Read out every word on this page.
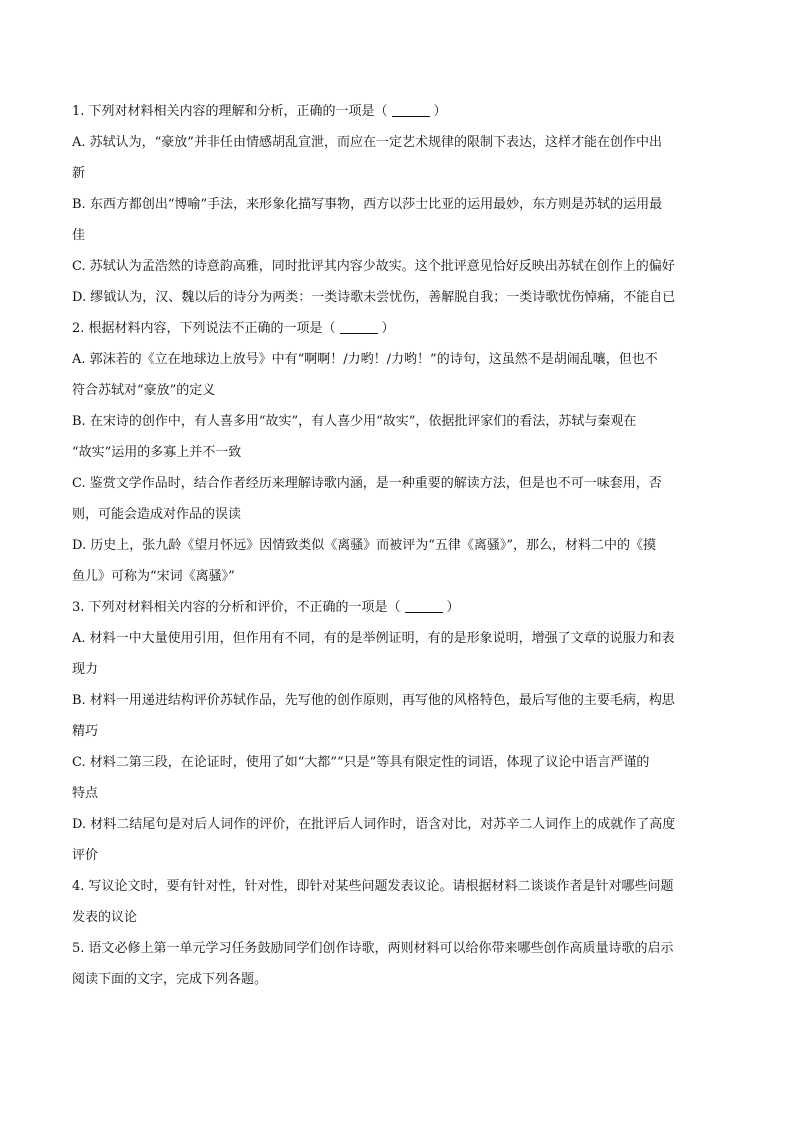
1. 下列对材料相关内容的理解和分析，正确的一项是（	）
A. 苏轼认为，“豪放”并非任由情感胡乱宣泄，而应在一定艺术规律的限制下表达，这样才能在创作中出
新
B. 东西方都创出“博喻”手法，来形象化描写事物，西方以莎士比亚的运用最妙，东方则是苏轼的运用最
佳
C. 苏轼认为孟浩然的诗意韵高雅，同时批评其内容少故实。这个批评意见恰好反映出苏轼在创作上的偏好
D. 缪钺认为，汉、魏以后的诗分为两类：一类诗歌未尝忧伤，善解脱自我；一类诗歌忧伤悼痛，不能自已
2. 根据材料内容，下列说法不正确的一项是（	）
A. 郭沫若的《立在地球边上放号》中有“啊啊！/力哟！/力哟！”的诗句，这虽然不是胡闹乱嚷，但也不
符合苏轼对“豪放”的定义
B. 在宋诗的创作中，有人喜多用“故实”，有人喜少用“故实”，依据批评家们的看法，苏轼与秦观在
“故实”运用的多寡上并不一致
C. 鉴赏文学作品时，结合作者经历来理解诗歌内涵，是一种重要的解读方法，但是也不可一味套用，否
则，可能会造成对作品的误读
D. 历史上，张九龄《望月怀远》因情致类似《离骚》而被评为“五律《离骚》”，那么，材料二中的《摸
鱼儿》可称为“宋词《离骚》”
3. 下列对材料相关内容的分析和评价，不正确的一项是（	）
A. 材料一中大量使用引用，但作用有不同，有的是举例证明，有的是形象说明，增强了文章的说服力和表
现力
B. 材料一用递进结构评价苏轼作品，先写他的创作原则，再写他的风格特色，最后写他的主要毛病，构思
精巧
C. 材料二第三段，在论证时，使用了如“大都”“只是”等具有限定性的词语，体现了议论中语言严谨的
特点
D. 材料二结尾句是对后人词作的评价，在批评后人词作时，语含对比，对苏辛二人词作上的成就作了高度
评价
4. 写议论文时，要有针对性，针对性，即针对某些问题发表议论。请根据材料二谈谈作者是针对哪些问题
发表的议论
5. 语文必修上第一单元学习任务鼓励同学们创作诗歌，两则材料可以给你带来哪些创作高质量诗歌的启示
阅读下面的文字，完成下列各题。
